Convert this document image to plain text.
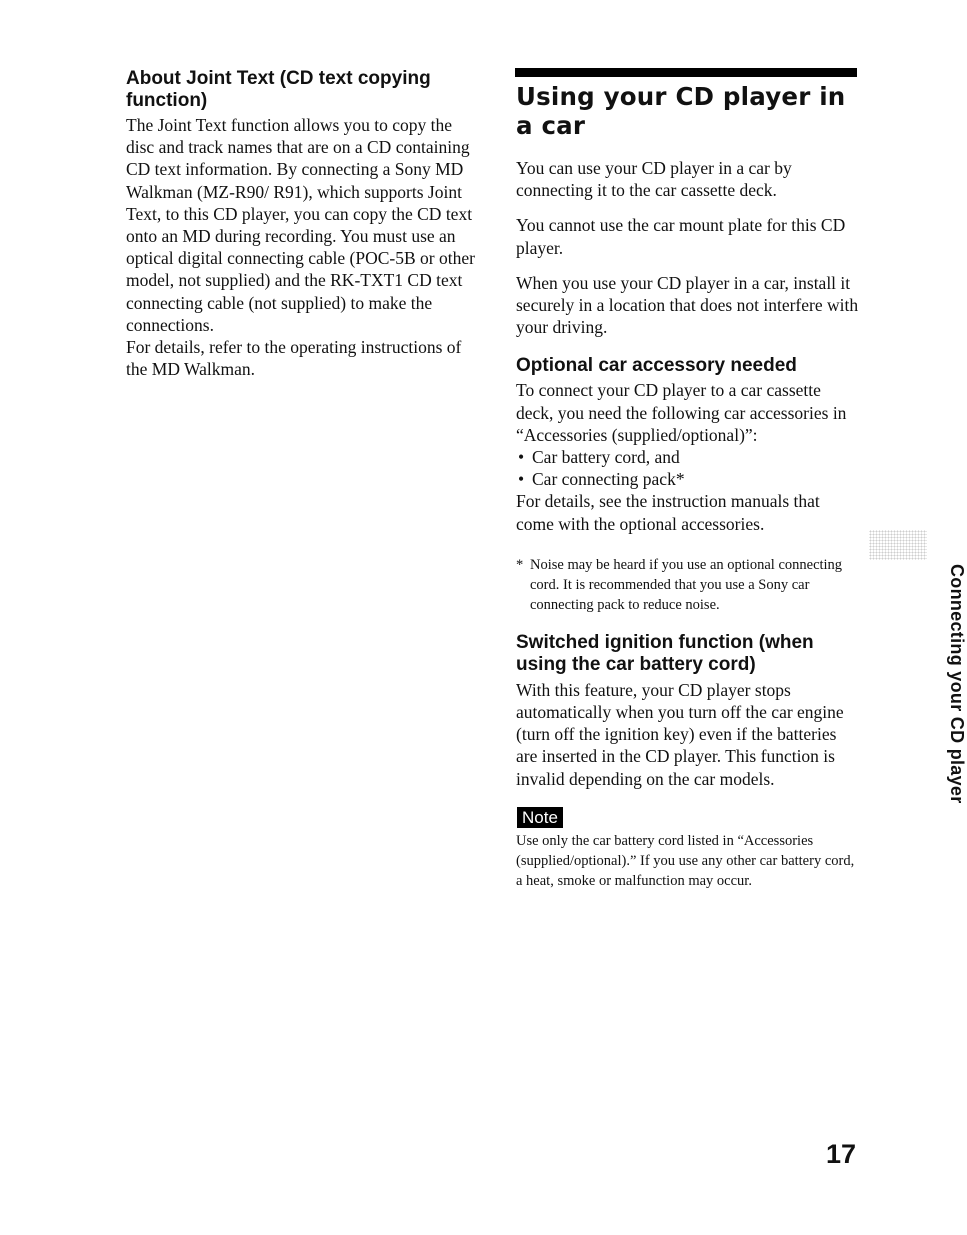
About Joint Text (CD text copying function)

The Joint Text function allows you to copy the disc and track names that are on a CD containing CD text information. By connecting a Sony MD Walkman (MZ-R90/ R91), which supports Joint Text, to this CD player, you can copy the CD text onto an MD during recording. You must use an optical digital connecting cable (POC-5B or other model, not supplied) and the RK-TXT1 CD text connecting cable (not supplied) to make the connections.

For details, refer to the operating instructions of the MD Walkman.

Using your CD player in a car

You can use your CD player in a car by connecting it to the car cassette deck.

You cannot use the car mount plate for this CD player.

When you use your CD player in a car, install it securely in a location that does not interfere with your driving.

Optional car accessory needed

To connect your CD player to a car cassette deck, you need the following car accessories in “Accessories (supplied/optional)”:

• Car battery cord, and
• Car connecting pack*

For details, see the instruction manuals that come with the optional accessories.

* Noise may be heard if you use an optional connecting cord. It is recommended that you use a Sony car connecting pack to reduce noise.
Switched ignition function (when using the car battery cord)

With this feature, your CD player stops automatically when you turn off the car engine (turn off the ignition key) even if the batteries are inserted in the CD player. This function is invalid depending on the car models.

Note

Use only the car battery cord listed in “Accessories (supplied/optional).” If you use any other car battery cord, a heat, smoke or malfunction may occur.

Connecting your CD player
17
